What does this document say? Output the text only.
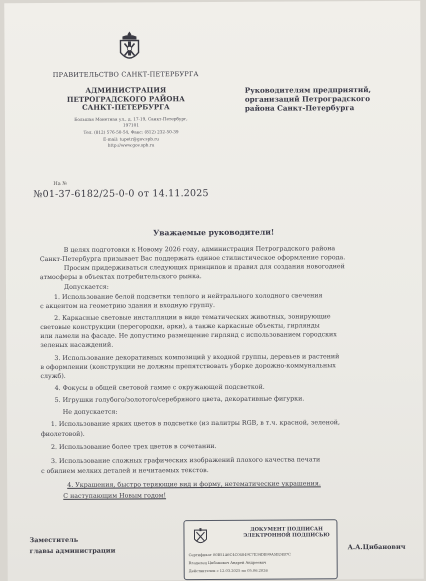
ПРАВИТЕЛЬСТВО САНКТ-ПЕТЕРБУРГА
АДМИНИСТРАЦИЯ
ПЕТРОГРАДСКОГО РАЙОНА
САНКТ-ПЕТЕРБУРГА
Большая Монетная ул., д. 17-19, Санкт-Петербург,
197101
Тел. (812) 576-50-54, Факс: (812) 232-50-39
E-mail: tupetr@gov.spb.ru
http://www.gov.spb.ru
Руководителям предприятий,
организаций Петроградского
района Санкт-Петербурга
На №
№01-37-6182/25-0-0 от 14.11.2025
Уважаемые руководители!
В целях подготовки к Новому 2026 году, администрация Петроградского района
Санкт-Петербурга призывает Вас поддержать единое стилистическое оформление города.
Просим придерживаться следующих принципов и правил для создания новогодней
атмосферы в объектах потребительского рынка.
Допускается:
1. Использование белой подсветки теплого и нейтрального холодного свечения
с акцентом на геометрию здания и входную группу.
2. Каркасные световые инсталляции в виде тематических животных, зонирующие
световые конструкции (перегородки, арки), а также каркасные объекты, гирлянды
или ламели на фасаде. Не допустимо размещение гирлянд с использованием городских
зеленых насаждений.
3. Использование декоративных композиций у входной группы, деревьев и растений
в оформлении (конструкции не должны препятствовать уборке дорожно-коммунальных
служб).
4. Фокусы в общей световой гамме с окружающей подсветкой.
5. Игрушки голубого/золотого/серебряного цвета, декоративные фигурки.
Не допускается:
1. Использование ярких цветов в подсветке (из палитры RGB, в т.ч. красной, зеленой,
фиолетовой).
2. Использование более трех цветов в сочетании.
3. Использование сложных графических изображений плохого качества печати
с обилием мелких деталей и нечитаемых текстов.
4. Украшения, быстро теряющие вид и форму, нетематические украшения.
С наступающим Новым годом!
Заместитель
главы администрации
ДОКУМЕНТ ПОДПИСАН
ЭЛЕКТРОННОЙ ПОДПИСЬЮ
Сертификат 00B51A6C4C04849C7E34DB99A5B24B7C
Владелец Цибанович Андрей Андреевич
Действителен с 12.03.2025 по 05.06.2026
А.А.Цибанович
